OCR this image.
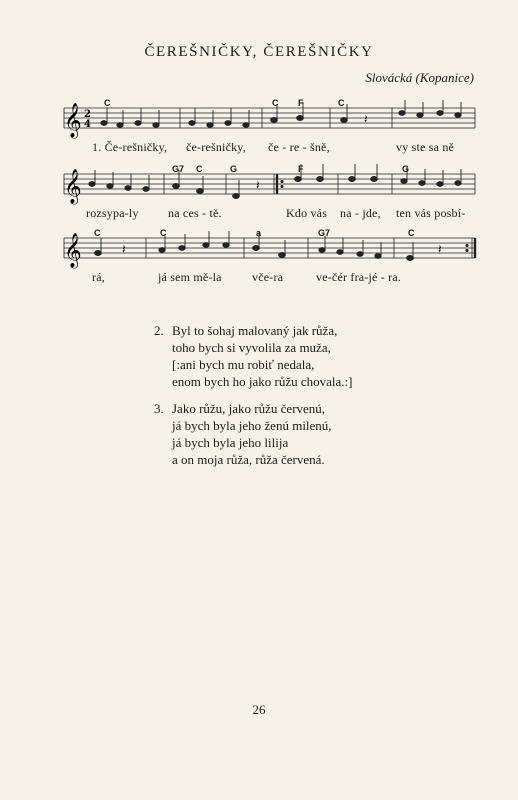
ČEREŠNIČKY, ČEREŠNIČKY
Slovácká (Kopanice)
𝄞 2
4	𝄽
C	C F	C
1. Če-rešničky, če-rešničky, če - re - šně,	vy ste sa ně
𝄞	𝄽
G7 C	G	F	G
rozsypa-ly na ces - tě.	Kdo vás na - jde, ten vás posbí-
𝄞	𝄽	𝄽
C	C	a	G7	C
rá,	já sem mě-la	vče-ra	ve-čér fra-jé - ra.
2. Byl to šohaj malovaný jak růža,
toho bych si vyvolila za muža,
[:ani bych mu robiť nedala,
enom bych ho jako růžu chovala.:]
3. Jako růžu, jako růžu červenú,
já bych byla jeho ženú milenú,
já bych byla jeho lilija
a on moja růža, růža červená.
26
